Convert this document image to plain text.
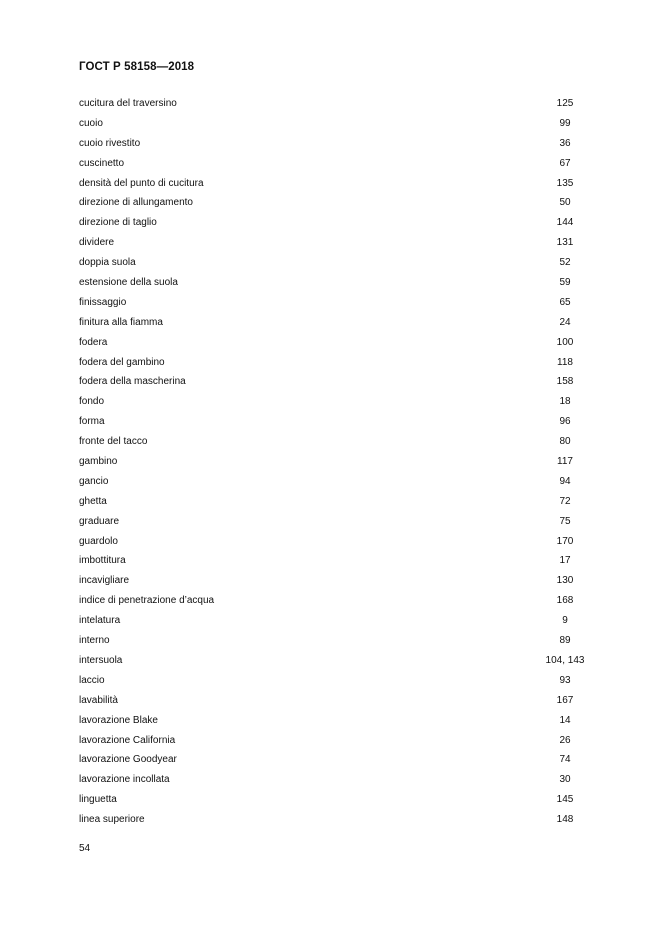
ГОСТ Р 58158—2018
cucitura del traversino	125
cuoio	99
cuoio rivestito	36
cuscinetto	67
densità del punto di cucitura	135
direzione di allungamento	50
direzione di taglio	144
dividere	131
doppia suola	52
estensione della suola	59
finissaggio	65
finitura alla fiamma	24
fodera	100
fodera del gambino	118
fodera della mascherina	158
fondo	18
forma	96
fronte del tacco	80
gambino	117
gancio	94
ghetta	72
graduare	75
guardolo	170
imbottitura	17
incavigliare	130
indice di penetrazione d’acqua	168
intelatura	9
interno	89
intersuola	104, 143
laccio	93
lavabilità	167
lavorazione Blake	14
lavorazione California	26
lavorazione Goodyear	74
lavorazione incollata	30
linguetta	145
linea superiore	148
54
